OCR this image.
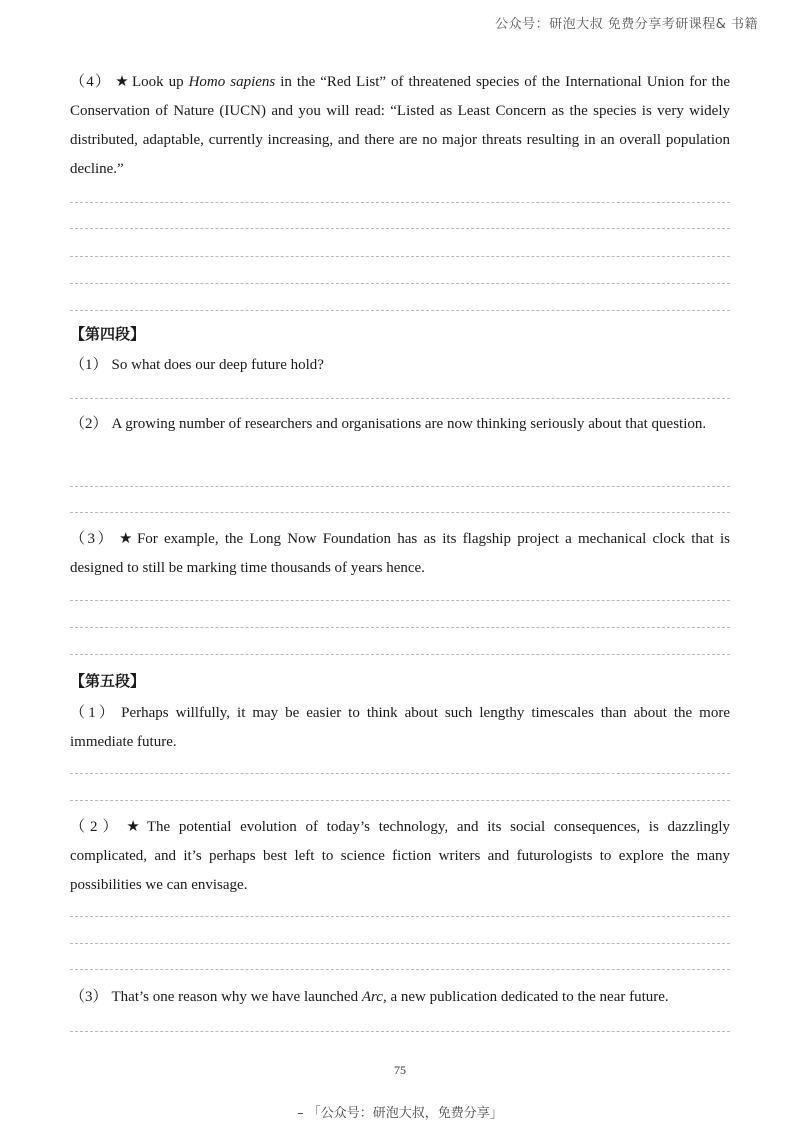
公众号：研泡大叔 免费分享考研课程& 书籍
（4） ★ Look up Homo sapiens in the “Red List” of threatened species of the International Union for the Conservation of Nature (IUCN) and you will read: “Listed as Least Concern as the species is very widely distributed, adaptable, currently increasing, and there are no major threats resulting in an overall population decline.”
【第四段】
（1） So what does our deep future hold?
（2） A growing number of researchers and organisations are now thinking seriously about that question.
（3） ★ For example, the Long Now Foundation has as its flagship project a mechanical clock that is designed to still be marking time thousands of years hence.
【第五段】
（1） Perhaps willfully, it may be easier to think about such lengthy timescales than about the more immediate future.
（2） ★ The potential evolution of today’s technology, and its social consequences, is dazzlingly complicated, and it’s perhaps best left to science fiction writers and futurologists to explore the many possibilities we can envisage.
（3） That’s one reason why we have launched Arc, a new publication dedicated to the near future.
75
– 「公众号：研泡大叔，免费分享」
